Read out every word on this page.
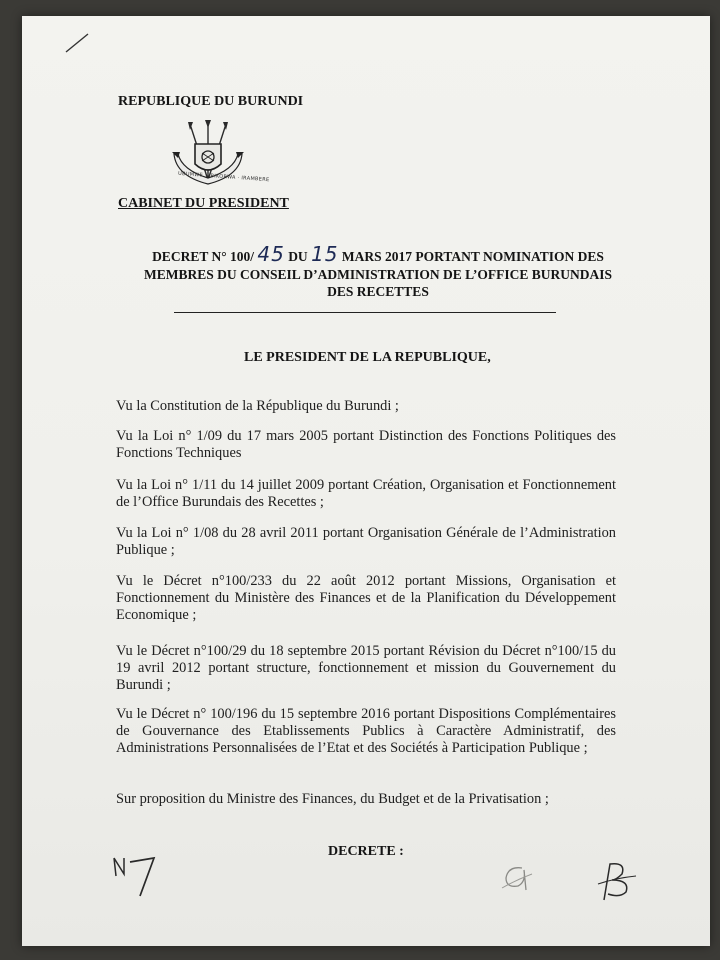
REPUBLIQUE DU BURUNDI
UBUMWE · IBIKORWA · IRAMBERE
CABINET DU PRESIDENT
DECRET N° 100/ 45 DU 15 MARS 2017 PORTANT NOMINATION DES
MEMBRES DU CONSEIL D’ADMINISTRATION DE L’OFFICE BURUNDAIS
DES RECETTES
LE PRESIDENT DE LA REPUBLIQUE,
Vu la Constitution de la République du Burundi ;
Vu la Loi n° 1/09 du 17 mars 2005 portant Distinction des Fonctions Politiques des Fonctions Techniques
Vu la Loi n° 1/11 du 14 juillet 2009 portant Création, Organisation et Fonctionnement de l’Office Burundais des Recettes ;
Vu la Loi n° 1/08 du 28 avril 2011 portant Organisation Générale de l’Administration Publique ;
Vu le Décret n°100/233 du 22 août 2012 portant Missions, Organisation et Fonctionnement du Ministère des Finances et de la Planification du Développement Economique ;
Vu le Décret n°100/29 du 18 septembre 2015 portant Révision du Décret n°100/15 du 19 avril 2012 portant structure, fonctionnement et mission du Gouvernement du Burundi ;
Vu le Décret n° 100/196 du 15 septembre 2016 portant Dispositions Complémentaires de Gouvernance des Etablissements Publics à Caractère Administratif, des Administrations Personnalisées de l’Etat et des Sociétés à Participation Publique ;
Sur proposition du Ministre des Finances, du Budget et de la Privatisation ;
DECRETE :
